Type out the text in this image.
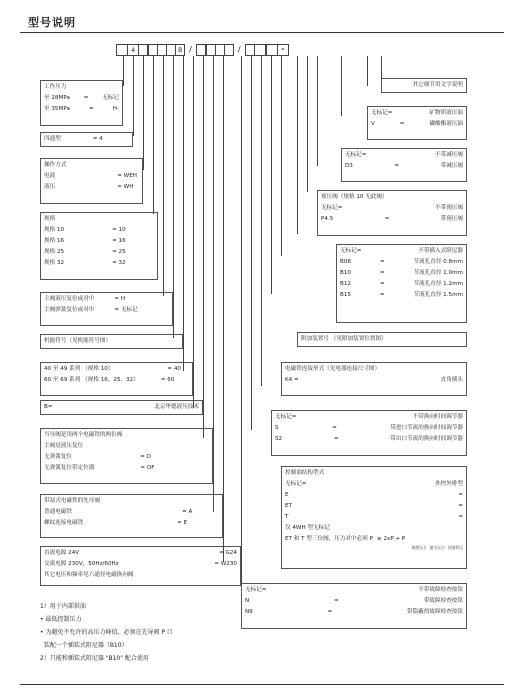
型号说明
4	B /	/	*
其它细节用文字说明
无标记=	矿物质液压油
V	=	磷酸酯液压油
无标记=	不带减压阀
D3	=	带减压阀
预压阀（规格 10 无此阀）
无标记=	不带预压阀
P4.5	=	带预压阀
无标记=	不带插入式阻尼器
B08	=	节流孔直径 0.8mm
B10	=	节流孔直径 1.0mm
B12	=	节流孔直径 1.2mm
B15	=	节流孔直径 1.5mm
附加装置号 （见附加装置位置图）
电磁铁连接形式（见电器连接尺寸图）
K4 =	直角插头
无标记=	不带换向时间调节器
S	=	带进口节流的换向时间调节器
S2	=	带出口节流的换向时间调节器
控制油结构型式
无标记=	外控外排型
E	=
ET	=
T	=
仅 4WH 型无标记
ET 和 T 型三位阀，压力对中必须 P ≥ 2xP + P
预控压力 最大压力 回油背压
无标记=	不带故障检查按钮
N	=	带故障检查按钮
N9	=	带隐蔽的故障检查按钮
工作压力
至 28MPa = 无标记
至 35MPa	=	H-
四通型	= 4
操作方式
电液	= WEH
液压	= WH
规格
规格 10	= 10
规格 16	= 16
规格 25	= 25
规格 32	= 32
主阀液压复位或对中	= H
主阀弹簧复位或对中	= 无标记
机能符号（见机能符号图）
40 至 49 系列 （规格 10）	= 40
60 至 69 系列 （规格 16、25、32）	= 60
B=	北京华德液压技术
当导阀是用两个电磁铁的两位阀
主阀是液压复位
无弹簧复位	= O
无弹簧复位带定位器	= OF
带湿式电磁铁的先导阀
普通电磁铁	= A
螺纹连接电磁铁	= E
直流电源 24V	= G24
交流电源 230V，50Hz/60Hz	= W230
其它电压和频率见六通径电磁换向阀
1）用于内部供油
• 最低控制压力
• 为避免不允许的高压力峰值，必须在先导阀 P 口
装配一个插装式阻尼器（B10）
2）只能和插装式阻尼器 "B10" 配合使用
